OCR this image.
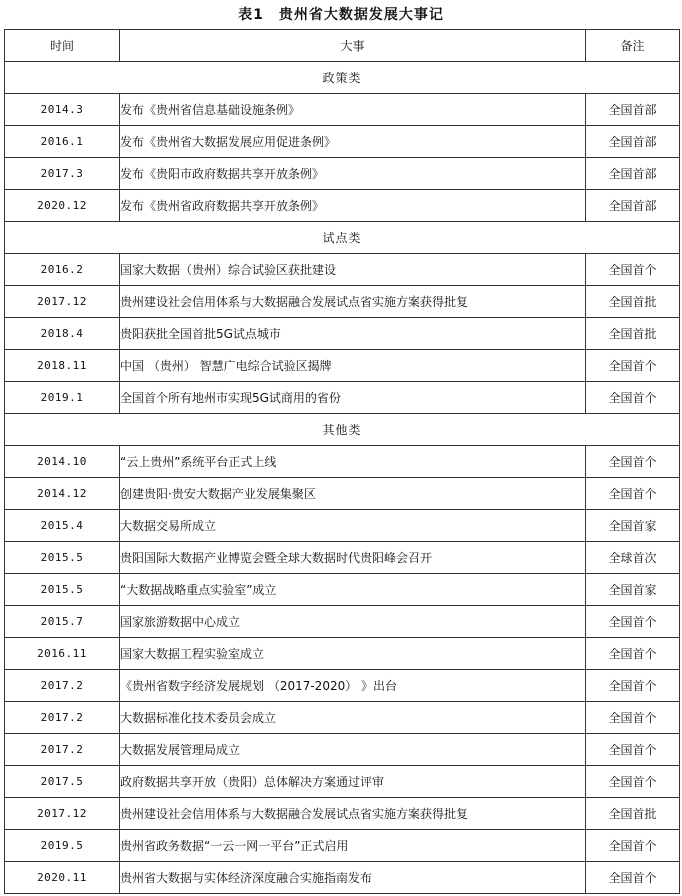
表1　贵州省大数据发展大事记
时间	大事	备注
政策类		
2014.3	发布《贵州省信息基础设施条例》	全国首部
2016.1	发布《贵州省大数据发展应用促进条例》	全国首部
2017.3	发布《贵阳市政府数据共享开放条例》	全国首部
2020.12	发布《贵州省政府数据共享开放条例》	全国首部
试点类		
2016.2	国家大数据（贵州）综合试验区获批建设	全国首个
2017.12	贵州建设社会信用体系与大数据融合发展试点省实施方案获得批复	全国首批
2018.4	贵阳获批全国首批5G试点城市	全国首批
2018.11	中国 （贵州） 智慧广电综合试验区揭牌	全国首个
2019.1	全国首个所有地州市实现5G试商用的省份	全国首个
其他类		
2014.10	“云上贵州”系统平台正式上线	全国首个
2014.12	创建贵阳·贵安大数据产业发展集聚区	全国首个
2015.4	大数据交易所成立	全国首家
2015.5	贵阳国际大数据产业博览会暨全球大数据时代贵阳峰会召开	全球首次
2015.5	“大数据战略重点实验室”成立	全国首家
2015.7	国家旅游数据中心成立	全国首个
2016.11	国家大数据工程实验室成立	全国首个
2017.2	《贵州省数字经济发展规划 （2017-2020） 》出台	全国首个
2017.2	大数据标准化技术委员会成立	全国首个
2017.2	大数据发展管理局成立	全国首个
2017.5	政府数据共享开放（贵阳）总体解决方案通过评审	全国首个
2017.12	贵州建设社会信用体系与大数据融合发展试点省实施方案获得批复	全国首批
2019.5	贵州省政务数据“一云一网一平台”正式启用	全国首个
2020.11	贵州省大数据与实体经济深度融合实施指南发布	全国首个
